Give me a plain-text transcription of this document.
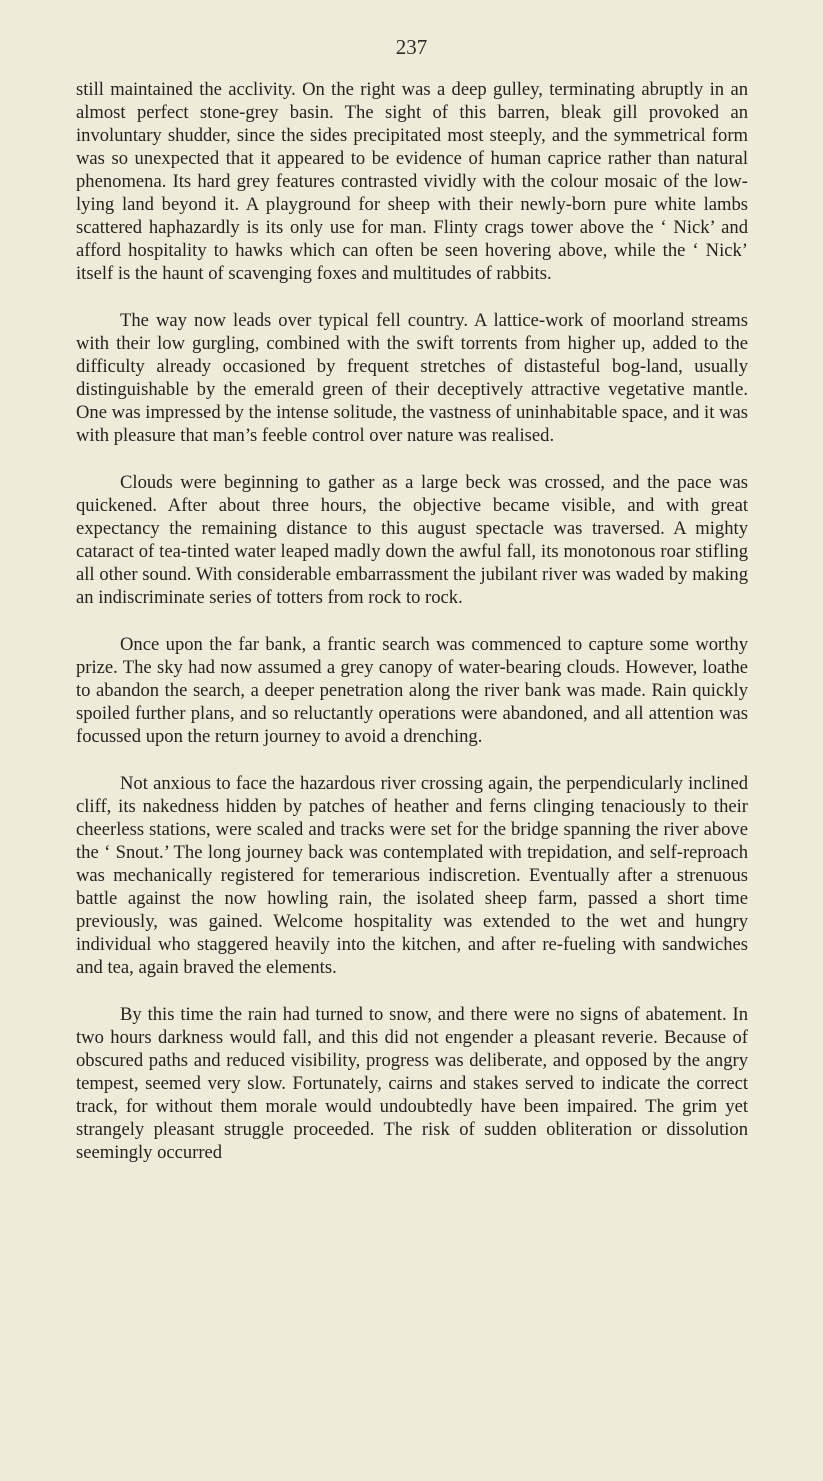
237

still maintained the acclivity. On the right was a deep gulley, terminating abruptly in an almost perfect stone-grey basin. The sight of this barren, bleak gill provoked an involuntary shudder, since the sides precipitated most steeply, and the symmetrical form was so unexpected that it appeared to be evidence of human caprice rather than natural phenomena. Its hard grey features contrasted vividly with the colour mosaic of the low-lying land beyond it. A playground for sheep with their newly-born pure white lambs scattered haphazardly is its only use for man. Flinty crags tower above the ‘ Nick’ and afford hospitality to hawks which can often be seen hovering above, while the ‘ Nick’ itself is the haunt of scavenging foxes and multitudes of rabbits.

The way now leads over typical fell country. A lattice-work of moorland streams with their low gurgling, combined with the swift torrents from higher up, added to the difficulty already occasioned by frequent stretches of distasteful bog-land, usually distinguishable by the emerald green of their deceptively attractive vegetative mantle. One was impressed by the intense solitude, the vastness of uninhabitable space, and it was with pleasure that man’s feeble control over nature was realised.

Clouds were beginning to gather as a large beck was crossed, and the pace was quickened. After about three hours, the objective became visible, and with great expectancy the remaining distance to this august spectacle was traversed. A mighty cataract of tea-tinted water leaped madly down the awful fall, its monotonous roar stifling all other sound. With considerable embarrassment the jubilant river was waded by making an indiscriminate series of totters from rock to rock.

Once upon the far bank, a frantic search was commenced to capture some worthy prize. The sky had now assumed a grey canopy of water-bearing clouds. However, loathe to abandon the search, a deeper penetration along the river bank was made. Rain quickly spoiled further plans, and so reluctantly operations were abandoned, and all attention was focussed upon the return journey to avoid a drenching.

Not anxious to face the hazardous river crossing again, the perpendicularly inclined cliff, its nakedness hidden by patches of heather and ferns clinging tenaciously to their cheerless stations, were scaled and tracks were set for the bridge spanning the river above the ‘ Snout.’ The long journey back was contemplated with trepidation, and self-reproach was mechanically registered for temerarious indiscretion. Eventually after a strenuous battle against the now howling rain, the isolated sheep farm, passed a short time previously, was gained. Welcome hospitality was extended to the wet and hungry individual who staggered heavily into the kitchen, and after re-fueling with sandwiches and tea, again braved the elements.

By this time the rain had turned to snow, and there were no signs of abatement. In two hours darkness would fall, and this did not engender a pleasant reverie. Because of obscured paths and reduced visibility, progress was deliberate, and opposed by the angry tempest, seemed very slow. Fortunately, cairns and stakes served to indicate the correct track, for without them morale would undoubtedly have been impaired. The grim yet strangely pleasant struggle proceeded. The risk of sudden obliteration or dissolution seemingly occurred
